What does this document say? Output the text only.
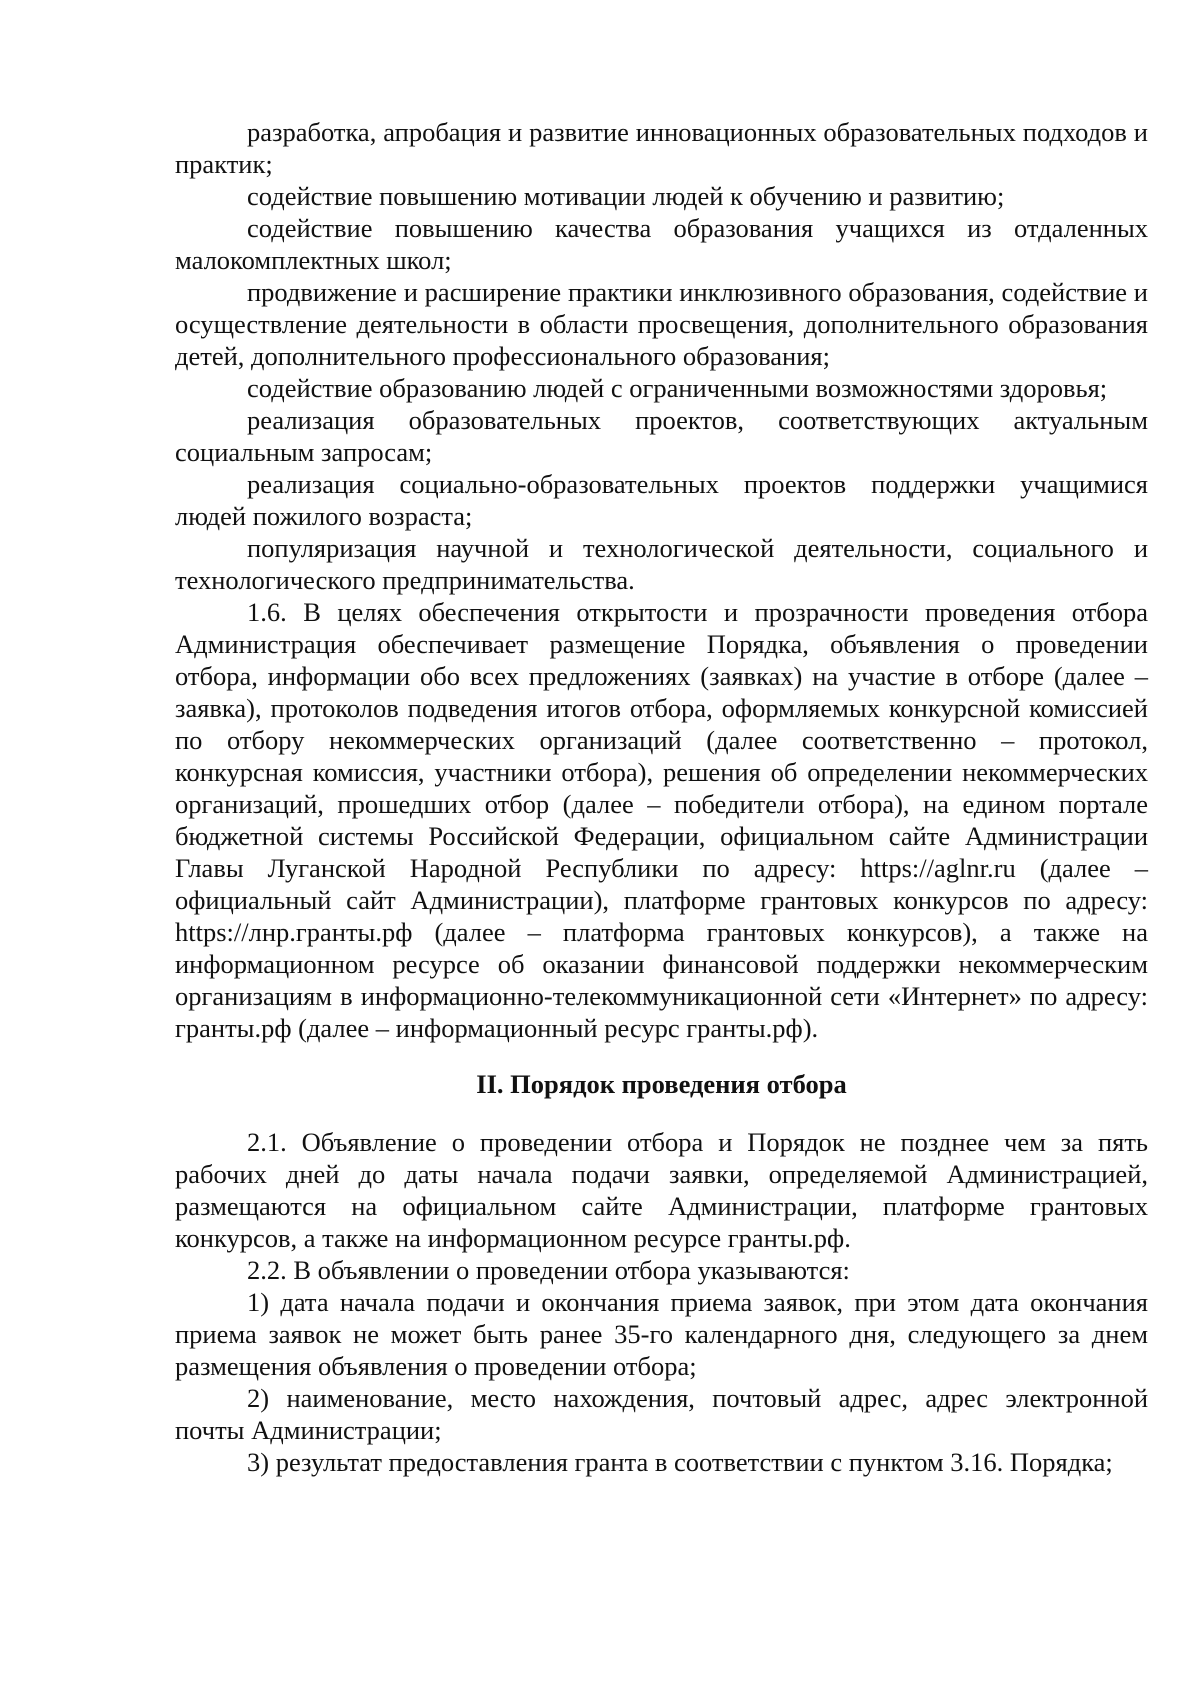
разработка, апробация и развитие инновационных образовательных подходов и практик;

содействие повышению мотивации людей к обучению и развитию;

содействие повышению качества образования учащихся из отдаленных малокомплектных школ;

продвижение и расширение практики инклюзивного образования, содействие и осуществление деятельности в области просвещения, дополнительного образования детей, дополнительного профессионального образования;

содействие образованию людей с ограниченными возможностями здоровья;

реализация образовательных проектов, соответствующих актуальным социальным запросам;

реализация социально-образовательных проектов поддержки учащимися людей пожилого возраста;

популяризация научной и технологической деятельности, социального и технологического предпринимательства.

1.6. В целях обеспечения открытости и прозрачности проведения отбора Администрация обеспечивает размещение Порядка, объявления о проведении отбора, информации обо всех предложениях (заявках) на участие в отборе (далее – заявка), протоколов подведения итогов отбора, оформляемых конкурсной комиссией по отбору некоммерческих организаций (далее соответственно – протокол, конкурсная комиссия, участники отбора), решения об определении некоммерческих организаций, прошедших отбор (далее – победители отбора), на едином портале бюджетной системы Российской Федерации, официальном сайте Администрации Главы Луганской Народной Республики по адресу: https://aglnr.ru (далее – официальный сайт Администрации), платформе грантовых конкурсов по адресу: https://лнр.гранты.рф (далее – платформа грантовых конкурсов), а также на информационном ресурсе об оказании финансовой поддержки некоммерческим организациям в информационно-телекоммуникационной сети «Интернет» по адресу: гранты.рф (далее – информационный ресурс гранты.рф).

II. Порядок проведения отбора

2.1. Объявление о проведении отбора и Порядок не позднее чем за пять рабочих дней до даты начала подачи заявки, определяемой Администрацией, размещаются на официальном сайте Администрации, платформе грантовых конкурсов, а также на информационном ресурсе гранты.рф.

2.2. В объявлении о проведении отбора указываются:

1) дата начала подачи и окончания приема заявок, при этом дата окончания приема заявок не может быть ранее 35-го календарного дня, следующего за днем размещения объявления о проведении отбора;

2) наименование, место нахождения, почтовый адрес, адрес электронной почты Администрации;

3) результат предоставления гранта в соответствии с пунктом 3.16. Порядка;
